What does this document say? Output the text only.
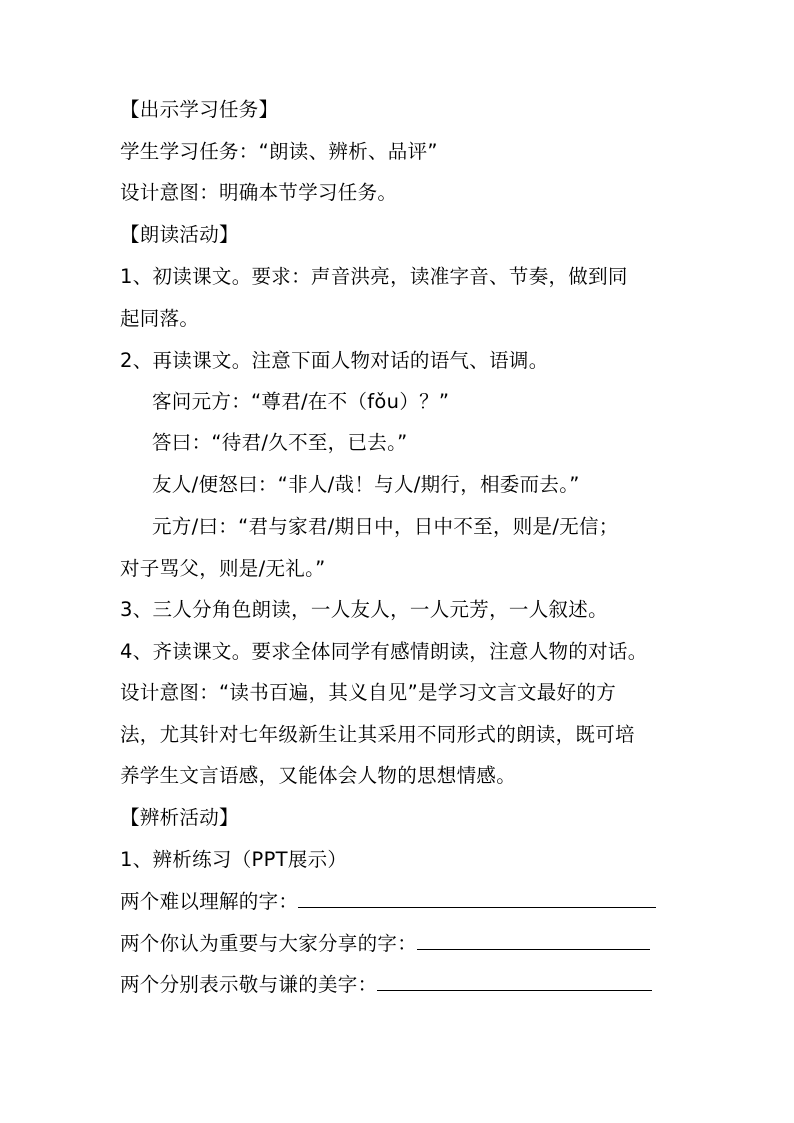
【出示学习任务】
学生学习任务：“朗读、辨析、品评”
设计意图：明确本节学习任务。
【朗读活动】
1、初读课文。要求：声音洪亮，读准字音、节奏，做到同
起同落。
2、再读课文。注意下面人物对话的语气、语调。
客问元方：“尊君/在不（fǒu）？”
答曰：“待君/久不至，已去。”
友人/便怒曰：“非人/哉！与人/期行，相委而去。”
元方/曰：“君与家君/期日中，日中不至，则是/无信；
对子骂父，则是/无礼。”
3、三人分角色朗读，一人友人，一人元芳，一人叙述。
4、齐读课文。要求全体同学有感情朗读，注意人物的对话。
设计意图：“读书百遍，其义自见”是学习文言文最好的方
法，尤其针对七年级新生让其采用不同形式的朗读，既可培
养学生文言语感，又能体会人物的思想情感。
【辨析活动】
1、辨析练习（PPT展示）
两个难以理解的字：
两个你认为重要与大家分享的字：
两个分别表示敬与谦的美字：
